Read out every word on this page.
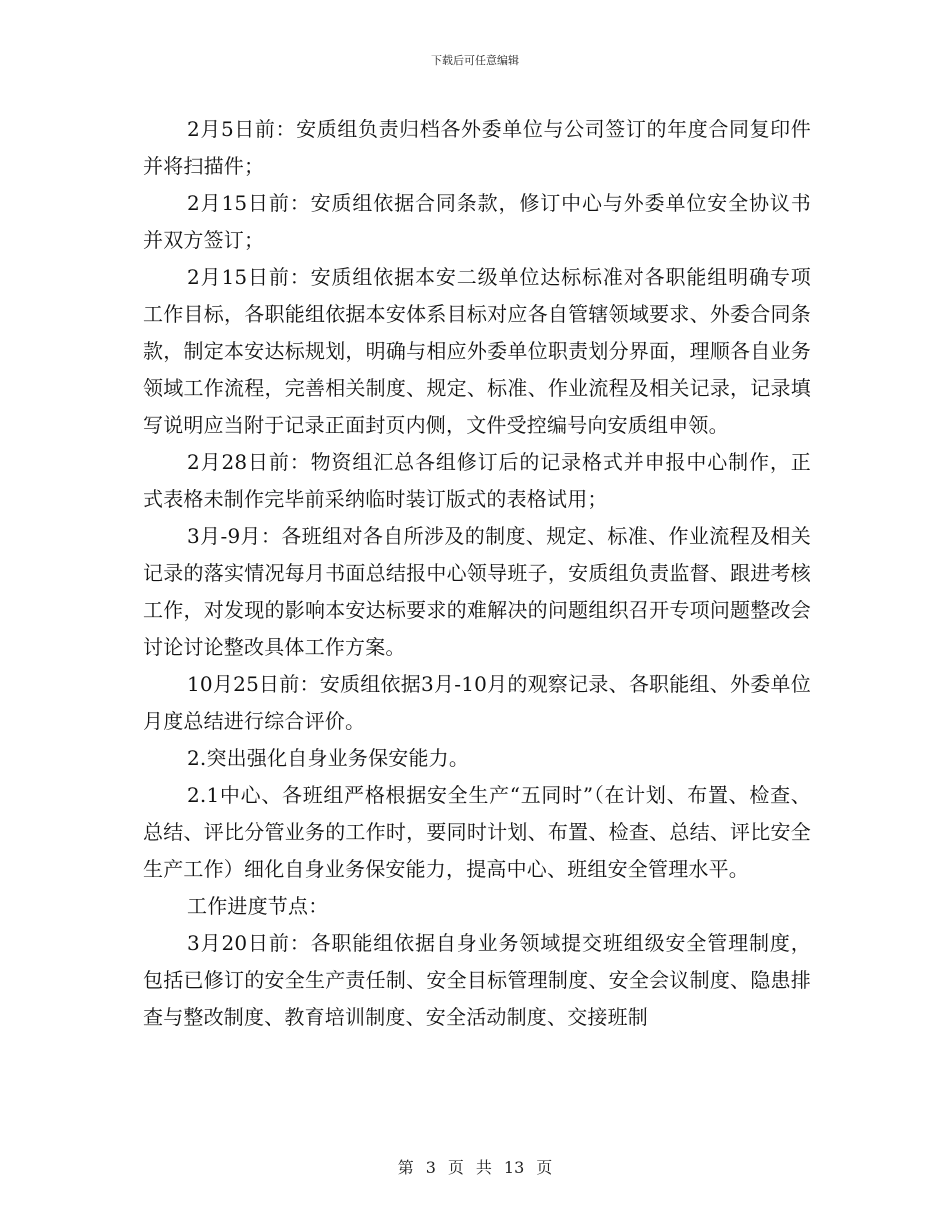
下载后可任意编辑

2月5日前：安质组负责归档各外委单位与公司签订的年度合同复印件并将扫描件；

2月15日前：安质组依据合同条款，修订中心与外委单位安全协议书并双方签订；

2月15日前：安质组依据本安二级单位达标标准对各职能组明确专项工作目标，各职能组依据本安体系目标对应各自管辖领域要求、外委合同条款，制定本安达标规划，明确与相应外委单位职责划分界面，理顺各自业务领域工作流程，完善相关制度、规定、标准、作业流程及相关记录，记录填写说明应当附于记录正面封页内侧，文件受控编号向安质组申领。

2月28日前：物资组汇总各组修订后的记录格式并申报中心制作，正式表格未制作完毕前采纳临时装订版式的表格试用；

3月-9月：各班组对各自所涉及的制度、规定、标准、作业流程及相关记录的落实情况每月书面总结报中心领导班子，安质组负责监督、跟进考核工作，对发现的影响本安达标要求的难解决的问题组织召开专项问题整改会讨论讨论整改具体工作方案。

10月25日前：安质组依据3月-10月的观察记录、各职能组、外委单位月度总结进行综合评价。

2.突出强化自身业务保安能力。

2.1中心、各班组严格根据安全生产“五同时”（在计划、布置、检查、总结、评比分管业务的工作时，要同时计划、布置、检查、总结、评比安全生产工作）细化自身业务保安能力，提高中心、班组安全管理水平。

工作进度节点：

3月20日前：各职能组依据自身业务领域提交班组级安全管理制度，包括已修订的安全生产责任制、安全目标管理制度、安全会议制度、隐患排查与整改制度、教育培训制度、安全活动制度、交接班制

第 3 页 共 13 页
